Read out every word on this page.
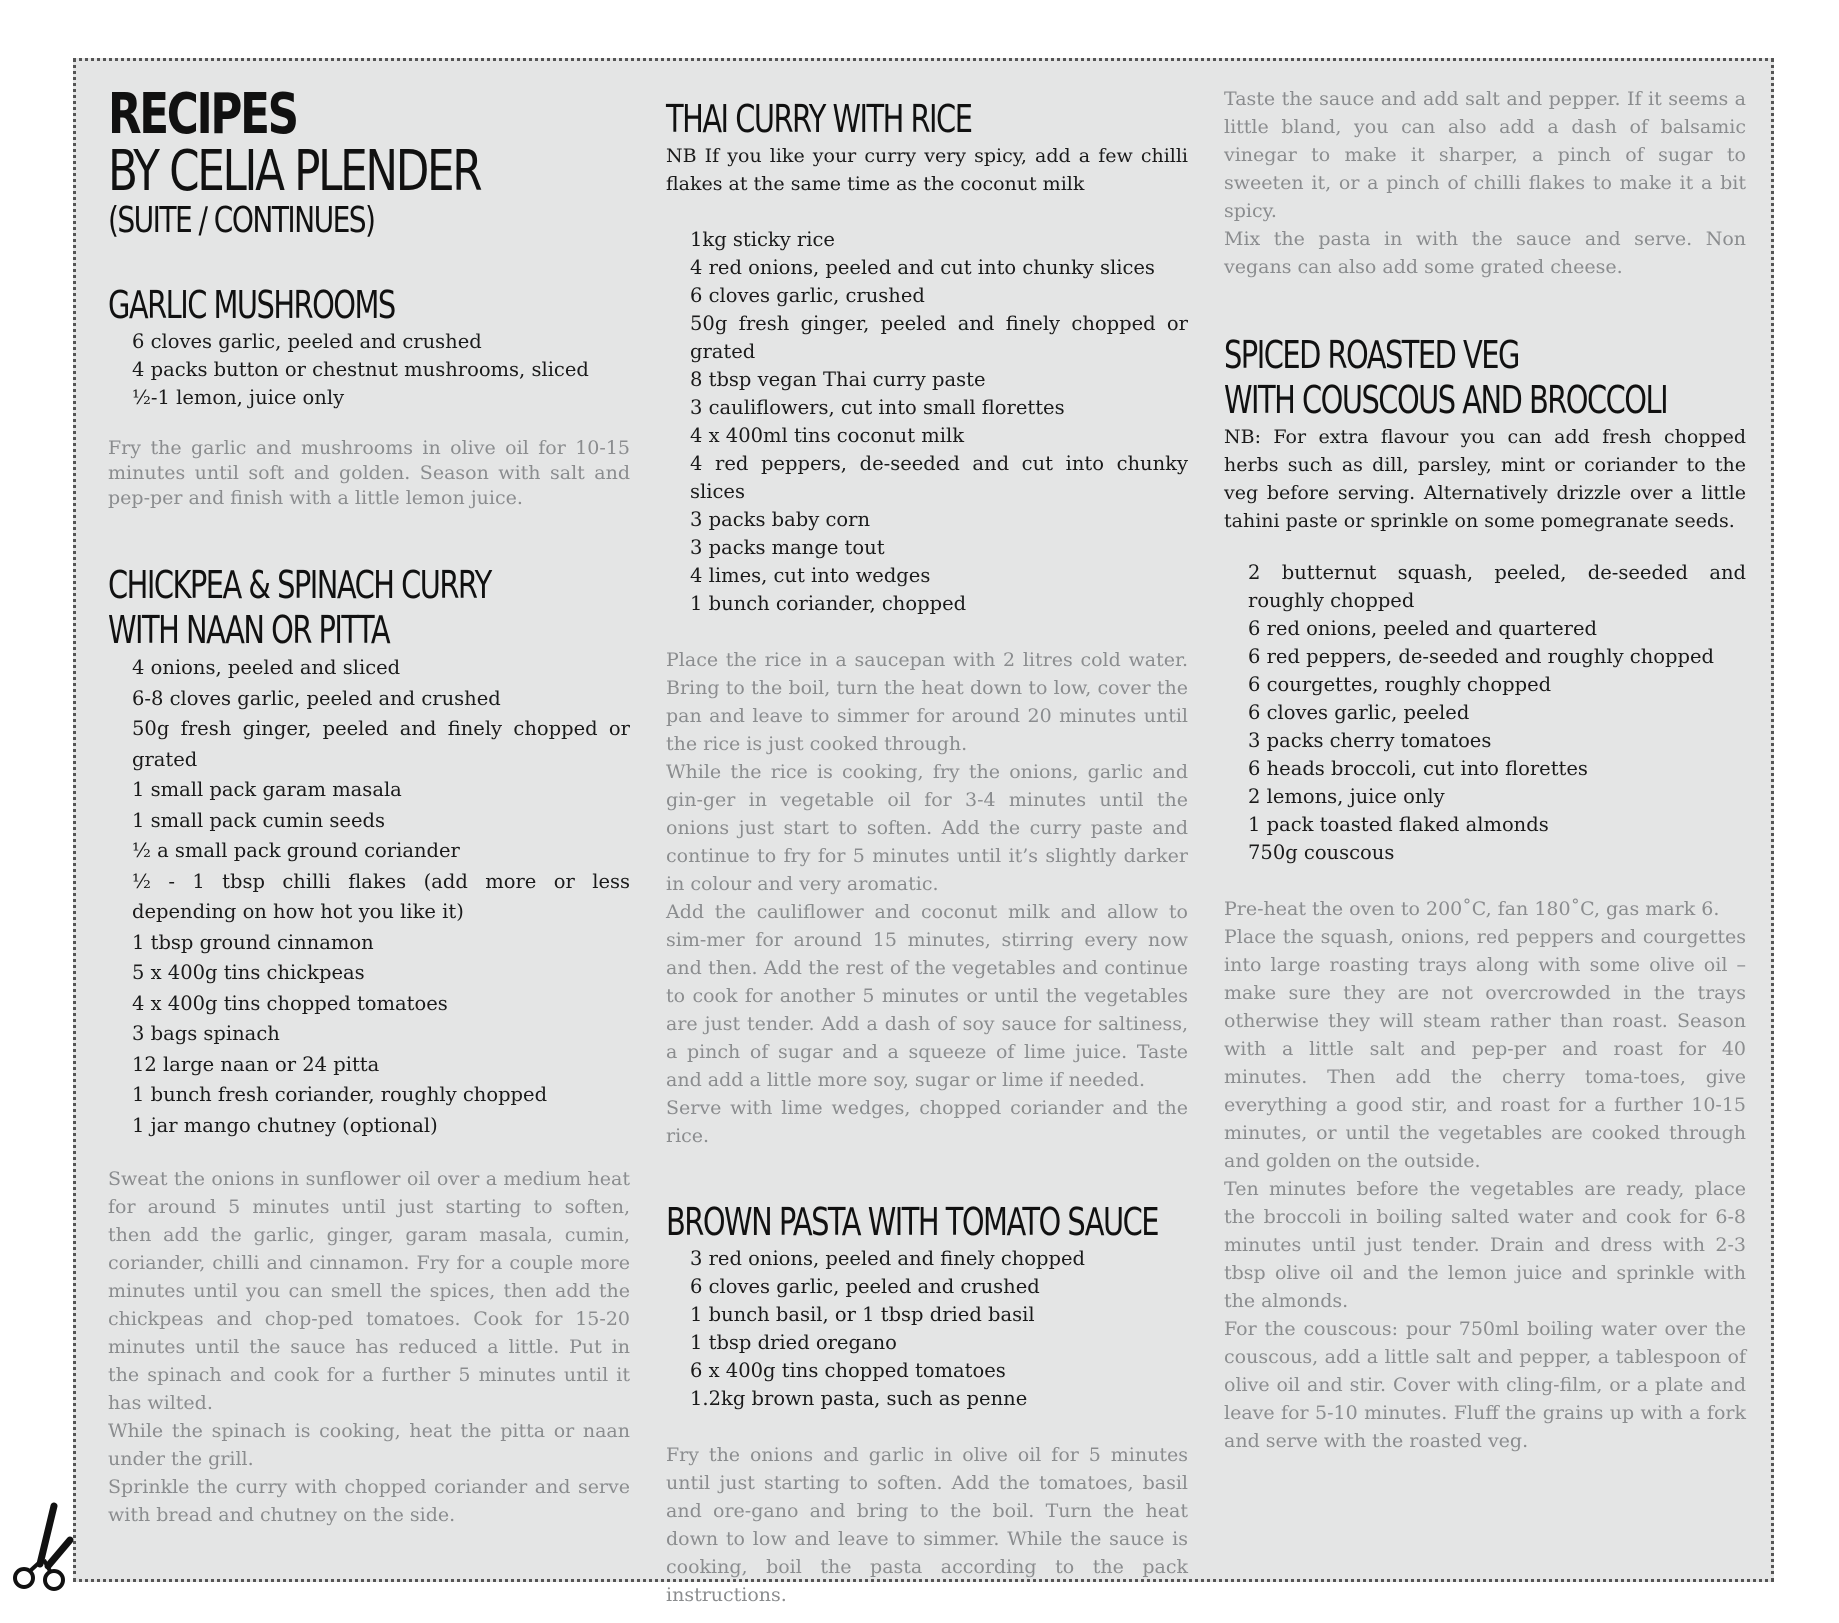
RECIPES
BY CELIA PLENDER
(SUITE / CONTINUES)
GARLIC MUSHROOMS
6 cloves garlic, peeled and crushed
4 packs button or chestnut mushrooms, sliced
½-1 lemon, juice only

Fry the garlic and mushrooms in olive oil for 10-15 minutes until soft and golden. Season with salt and pep-per and finish with a little lemon juice.

CHICKPEA & SPINACH CURRY
WITH NAAN OR PITTA
4 onions, peeled and sliced
6-8 cloves garlic, peeled and crushed
50g fresh ginger, peeled and finely chopped or grated
1 small pack garam masala
1 small pack cumin seeds
½ a small pack ground coriander
½ - 1 tbsp chilli flakes (add more or less depending on how hot you like it)
1 tbsp ground cinnamon
5 x 400g tins chickpeas
4 x 400g tins chopped tomatoes
3 bags spinach
12 large naan or 24 pitta
1 bunch fresh coriander, roughly chopped
1 jar mango chutney (optional)

Sweat the onions in sunflower oil over a medium heat for around 5 minutes until just starting to soften, then add the garlic, ginger, garam masala, cumin, coriander, chilli and cinnamon. Fry for a couple more minutes until you can smell the spices, then add the chickpeas and chop-ped tomatoes. Cook for 15-20 minutes until the sauce has reduced a little. Put in the spinach and cook for a further 5 minutes until it has wilted.

While the spinach is cooking, heat the pitta or naan under the grill.

Sprinkle the curry with chopped coriander and serve with bread and chutney on the side.

THAI CURRY WITH RICE

NB If you like your curry very spicy, add a few chilli flakes at the same time as the coconut milk

1kg sticky rice
4 red onions, peeled and cut into chunky slices
6 cloves garlic, crushed
50g fresh ginger, peeled and finely chopped or grated
8 tbsp vegan Thai curry paste
3 cauliflowers, cut into small florettes
4 x 400ml tins coconut milk
4 red peppers, de-seeded and cut into chunky slices
3 packs baby corn
3 packs mange tout
4 limes, cut into wedges
1 bunch coriander, chopped

Place the rice in a saucepan with 2 litres cold water. Bring to the boil, turn the heat down to low, cover the pan and leave to simmer for around 20 minutes until the rice is just cooked through.

While the rice is cooking, fry the onions, garlic and gin-ger in vegetable oil for 3-4 minutes until the onions just start to soften. Add the curry paste and continue to fry for 5 minutes until it’s slightly darker in colour and very aromatic.

Add the cauliflower and coconut milk and allow to sim-mer for around 15 minutes, stirring every now and then. Add the rest of the vegetables and continue to cook for another 5 minutes or until the vegetables are just tender. Add a dash of soy sauce for saltiness, a pinch of sugar and a squeeze of lime juice. Taste and add a little more soy, sugar or lime if needed.

Serve with lime wedges, chopped coriander and the rice.

BROWN PASTA WITH TOMATO SAUCE
3 red onions, peeled and finely chopped
6 cloves garlic, peeled and crushed
1 bunch basil, or 1 tbsp dried basil
1 tbsp dried oregano
6 x 400g tins chopped tomatoes
1.2kg brown pasta, such as penne

Fry the onions and garlic in olive oil for 5 minutes until just starting to soften. Add the tomatoes, basil and ore-gano and bring to the boil. Turn the heat down to low and leave to simmer. While the sauce is cooking, boil the pasta according to the pack instructions.

Taste the sauce and add salt and pepper. If it seems a little bland, you can also add a dash of balsamic vinegar to make it sharper, a pinch of sugar to sweeten it, or a pinch of chilli flakes to make it a bit spicy.

Mix the pasta in with the sauce and serve. Non vegans can also add some grated cheese.

SPICED ROASTED VEG
WITH COUSCOUS AND BROCCOLI

NB: For extra flavour you can add fresh chopped herbs such as dill, parsley, mint or coriander to the veg before serving. Alternatively drizzle over a little tahini paste or sprinkle on some pomegranate seeds.

2 butternut squash, peeled, de-seeded and roughly chopped
6 red onions, peeled and quartered
6 red peppers, de-seeded and roughly chopped
6 courgettes, roughly chopped
6 cloves garlic, peeled
3 packs cherry tomatoes
6 heads broccoli, cut into florettes
2 lemons, juice only
1 pack toasted flaked almonds
750g couscous

Pre-heat the oven to 200˚C, fan 180˚C, gas mark 6.

Place the squash, onions, red peppers and courgettes into large roasting trays along with some olive oil – make sure they are not overcrowded in the trays otherwise they will steam rather than roast. Season with a little salt and pep-per and roast for 40 minutes. Then add the cherry toma-toes, give everything a good stir, and roast for a further 10-15 minutes, or until the vegetables are cooked through and golden on the outside.

Ten minutes before the vegetables are ready, place the broccoli in boiling salted water and cook for 6-8 minutes until just tender. Drain and dress with 2-3 tbsp olive oil and the lemon juice and sprinkle with the almonds.

For the couscous: pour 750ml boiling water over the couscous, add a little salt and pepper, a tablespoon of olive oil and stir. Cover with cling-film, or a plate and leave for 5-10 minutes. Fluff the grains up with a fork and serve with the roasted veg.
